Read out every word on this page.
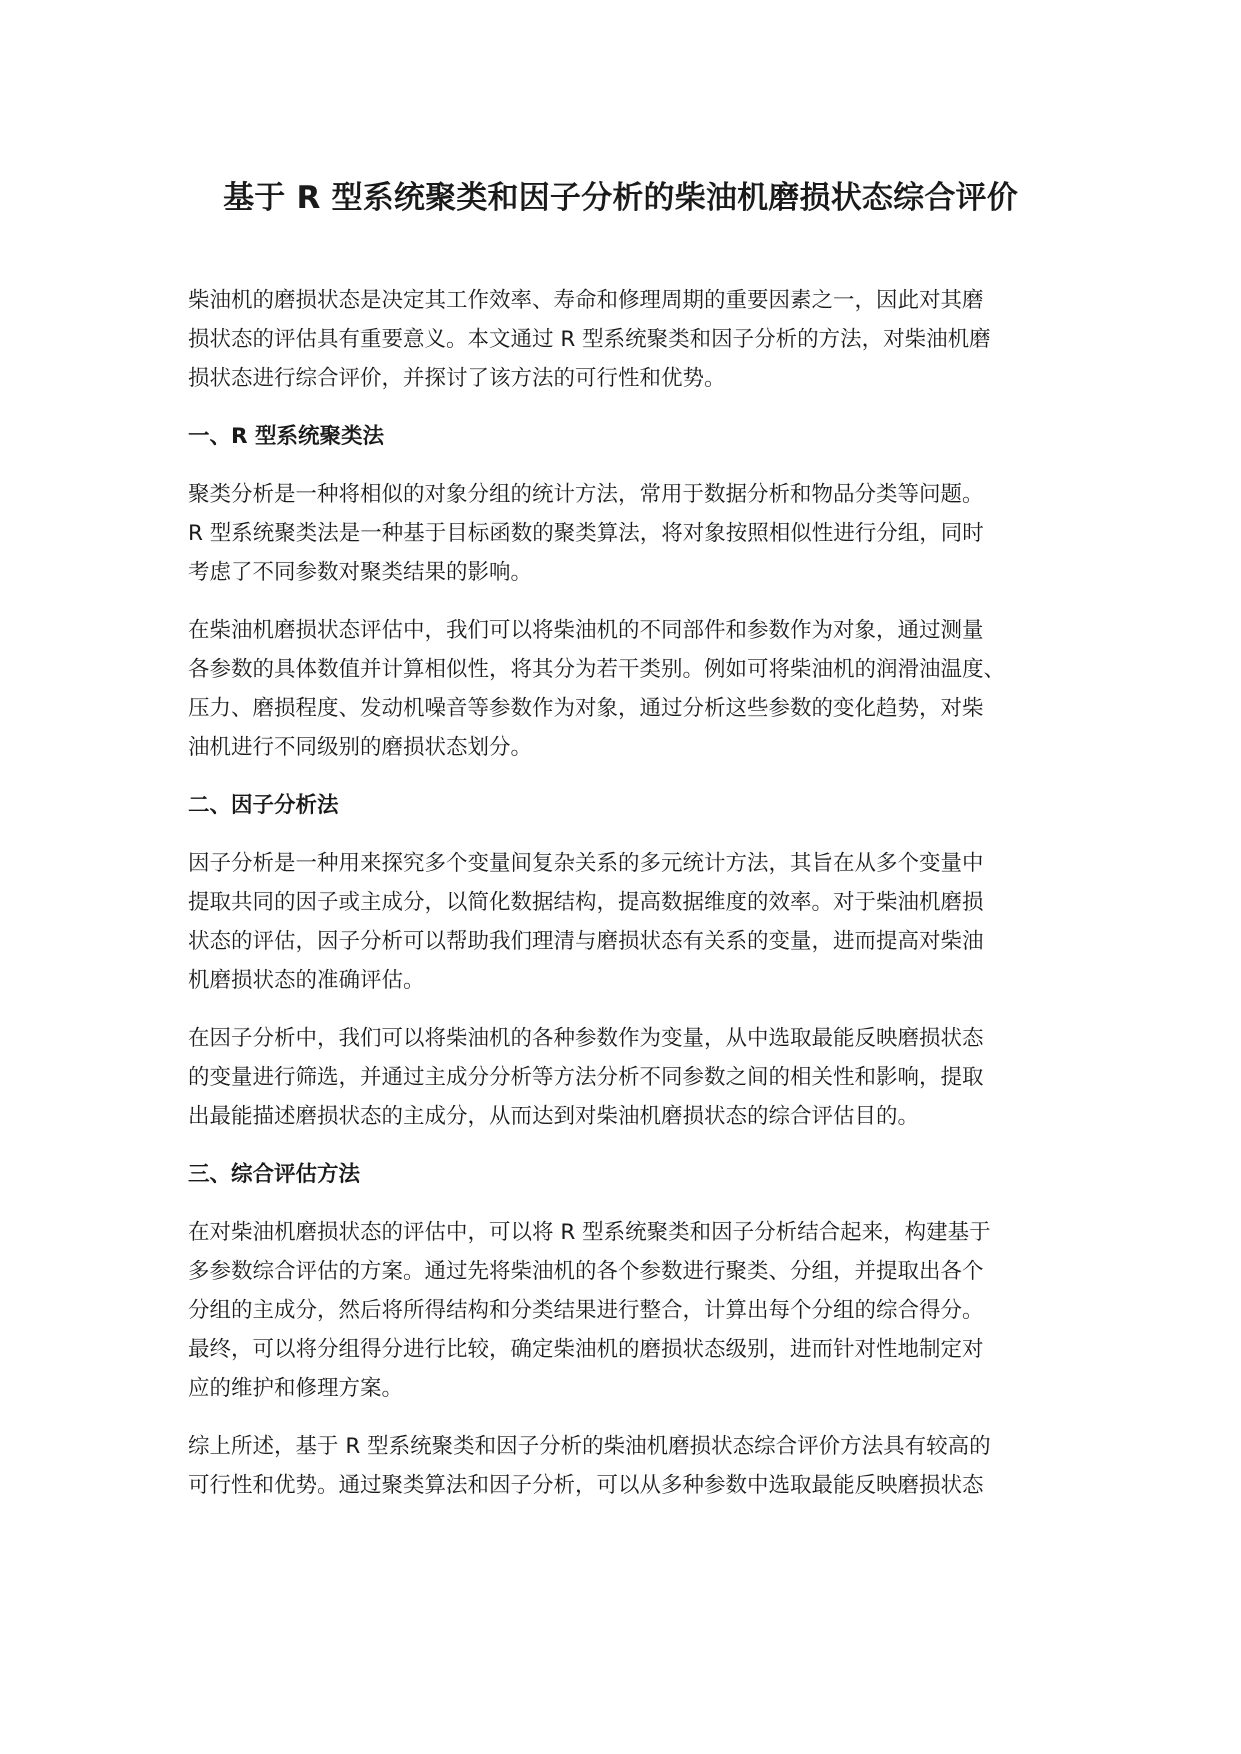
基于 R 型系统聚类和因子分析的柴油机磨损状态综合评价

柴油机的磨损状态是决定其工作效率、寿命和修理周期的重要因素之一，因此对其磨
损状态的评估具有重要意义。本文通过 R 型系统聚类和因子分析的方法，对柴油机磨
损状态进行综合评价，并探讨了该方法的可行性和优势。

一、R 型系统聚类法

聚类分析是一种将相似的对象分组的统计方法，常用于数据分析和物品分类等问题。
R 型系统聚类法是一种基于目标函数的聚类算法，将对象按照相似性进行分组，同时
考虑了不同参数对聚类结果的影响。

在柴油机磨损状态评估中，我们可以将柴油机的不同部件和参数作为对象，通过测量
各参数的具体数值并计算相似性，将其分为若干类别。例如可将柴油机的润滑油温度、
压力、磨损程度、发动机噪音等参数作为对象，通过分析这些参数的变化趋势，对柴
油机进行不同级别的磨损状态划分。

二、因子分析法

因子分析是一种用来探究多个变量间复杂关系的多元统计方法，其旨在从多个变量中
提取共同的因子或主成分，以简化数据结构，提高数据维度的效率。对于柴油机磨损
状态的评估，因子分析可以帮助我们理清与磨损状态有关系的变量，进而提高对柴油
机磨损状态的准确评估。

在因子分析中，我们可以将柴油机的各种参数作为变量，从中选取最能反映磨损状态
的变量进行筛选，并通过主成分分析等方法分析不同参数之间的相关性和影响，提取
出最能描述磨损状态的主成分，从而达到对柴油机磨损状态的综合评估目的。

三、综合评估方法

在对柴油机磨损状态的评估中，可以将 R 型系统聚类和因子分析结合起来，构建基于
多参数综合评估的方案。通过先将柴油机的各个参数进行聚类、分组，并提取出各个
分组的主成分，然后将所得结构和分类结果进行整合，计算出每个分组的综合得分。
最终，可以将分组得分进行比较，确定柴油机的磨损状态级别，进而针对性地制定对
应的维护和修理方案。

综上所述，基于 R 型系统聚类和因子分析的柴油机磨损状态综合评价方法具有较高的
可行性和优势。通过聚类算法和因子分析，可以从多种参数中选取最能反映磨损状态
